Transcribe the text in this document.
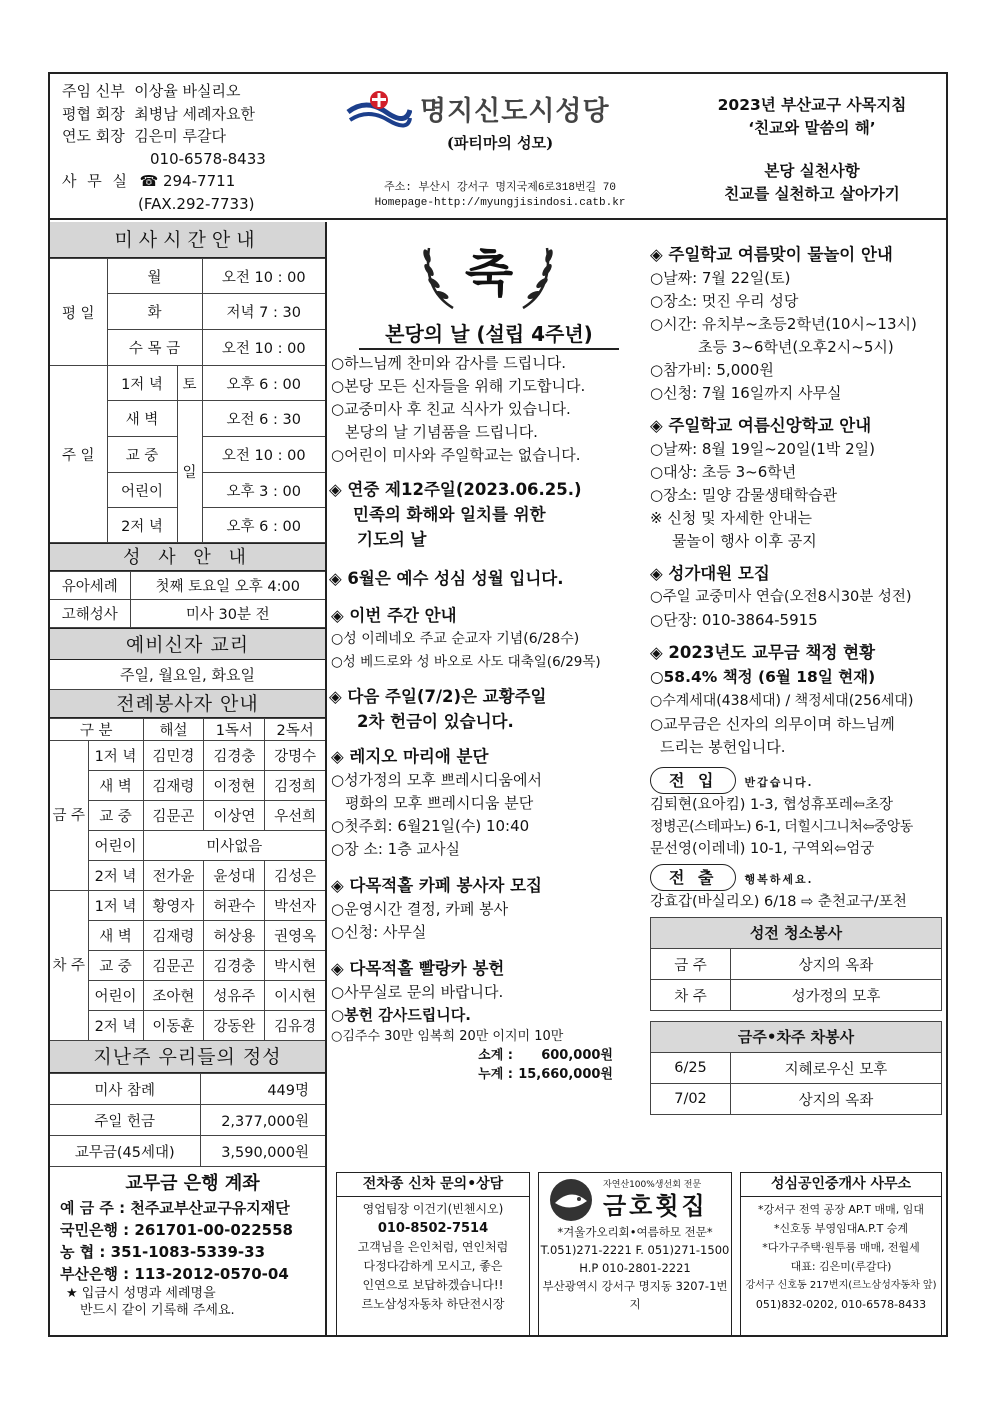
주임 신부 이상율 바실리오
평협 회장 최병남 세례자요한
연도 회장 김은미 루갈다
010-6578-8433
사 무 실 ☎ 294-7711
(FAX.292-7733)
명지신도시성당
(파티마의 성모)
주소: 부산시 강서구 명지국제6로318번길 70
Homepage-http://myungjisindosi.catb.kr
2023년 부산교구 사목지침
‘친교와 말씀의 해’
본당 실천사항
친교를 실천하고 살아가기
미사시간안내
평 일	월		오전 10 : 00
	화		저녁 7 : 30
	수 목 금		오전 10 : 00
주 일	1저 녁	토	오후 6 : 00
	새 벽	일	오전 6 : 30
	교 중		오전 10 : 00
	어린이		오후 3 : 00
	2저 녁		오후 6 : 00
성 사 안 내
유아세례	첫째 토요일 오후 4:00
고해성사	미사 30분 전
예비신자 교리
주일, 월요일, 화요일
전례봉사자 안내
구 분		해설	1독서	2독서
금 주	1저 녁	김민경	김경충	강명수
	새 벽	김재령	이정현	김정희
	교 중	김문곤	이상연	우선희
	어린이	미사없음		
	2저 녁	전가윤	윤성대	김성은
차 주	1저 녁	황영자	허관수	박선자
	새 벽	김재령	허상용	권영옥
	교 중	김문곤	김경충	박시현
	어린이	조아현	성유주	이시현
	2저 녁	이동훈	강동완	김유경
지난주 우리들의 정성
미사 참례	449명
주일 헌금	2,377,000원
교무금(45세대)	3,590,000원
교무금 은행 계좌
예 금 주 : 천주교부산교구유지재단
국민은행 : 261701-00-022558
농 협 : 351-1083-5339-33
부산은행 : 113-2012-0570-04
★ 입금시 성명과 세례명을
반드시 같이 기록해 주세요.
축
본당의 날 (설립 4주년)
○하느님께 찬미와 감사를 드립니다.
○본당 모든 신자들을 위해 기도합니다.
○교중미사 후 친교 식사가 있습니다.
본당의 날 기념품을 드립니다.
○어린이 미사와 주일학교는 없습니다.
◈ 연중 제12주일(2023.06.25.)
민족의 화해와 일치를 위한
기도의 날
◈ 6월은 예수 성심 성월 입니다.
◈ 이번 주간 안내
○성 이레네오 주교 순교자 기념(6/28수)
○성 베드로와 성 바오로 사도 대축일(6/29목)
◈ 다음 주일(7/2)은 교황주일
2차 헌금이 있습니다.
◈ 레지오 마리애 분단
○성가정의 모후 쁘레시디움에서
평화의 모후 쁘레시디움 분단
○첫주회: 6월21일(수) 10:40
○장 소: 1층 교사실
◈ 다목적홀 카페 봉사자 모집
○운영시간 결정, 카페 봉사
○신청: 사무실
◈ 다목적홀 빨랑카 봉헌
○사무실로 문의 바랍니다.
○봉헌 감사드립니다.
○김주수 30만 임복희 20만 이지미 10만
소계 : 600,000원
누계 : 15,660,000원
◈ 주일학교 여름맞이 물놀이 안내
○날짜: 7월 22일(토)
○장소: 멋진 우리 성당
○시간: 유치부~초등2학년(10시~13시)
초등 3~6학년(오후2시~5시)
○참가비: 5,000원
○신청: 7월 16일까지 사무실
◈ 주일학교 여름신앙학교 안내
○날짜: 8월 19일~20일(1박 2일)
○대상: 초등 3~6학년
○장소: 밀양 감물생태학습관
※ 신청 및 자세한 안내는
물놀이 행사 이후 공지
◈ 성가대원 모집
○주일 교중미사 연습(오전8시30분 성전)
○단장: 010-3864-5915
◈ 2023년도 교무금 책정 현황
○58.4% 책정 (6월 18일 현재)
○수계세대(438세대) / 책정세대(256세대)
○교무금은 신자의 의무이며 하느님께
드리는 봉헌입니다.
전 입 반갑습니다.
김퇴현(요아킴) 1-3, 협성휴포레⇦초장
정병곤(스테파노) 6-1, 더힐시그니처⇦중앙동
문선영(이레네) 10-1, 구역외⇦엄궁
전 출 행복하세요.
강효갑(바실리오) 6/18 ⇨ 춘천교구/포천
성전 청소봉사	
금 주	상지의 옥좌
차 주	성가정의 모후
금주•차주 차봉사	
6/25	지혜로우신 모후
7/02	상지의 옥좌
전차종 신차 문의•상담
영업팀장 이건기(빈첸시오)
010-8502-7514
고객님을 은인처럼, 연인처럼
다정다감하게 모시고, 좋은
인연으로 보답하겠습니다!!
르노삼성자동차 하단전시장
자연산100%생선회 전문
금호횟집
*겨울가오리회•여름하모 전문*
T.051)271-2221 F. 051)271-1500
H.P 010-2801-2221
부산광역시 강서구 명지동 3207-1번지
성심공인중개사 사무소
*강서구 전역 공장 AP.T 매매, 임대
*신호동 부영임대A.P.T 승계
*다가구주택·원투룸 매매, 전월세
대표: 김은미(루갈다)
강서구 신호동 217번지(르노삼성자동차 앞)
051)832-0202, 010-6578-8433
